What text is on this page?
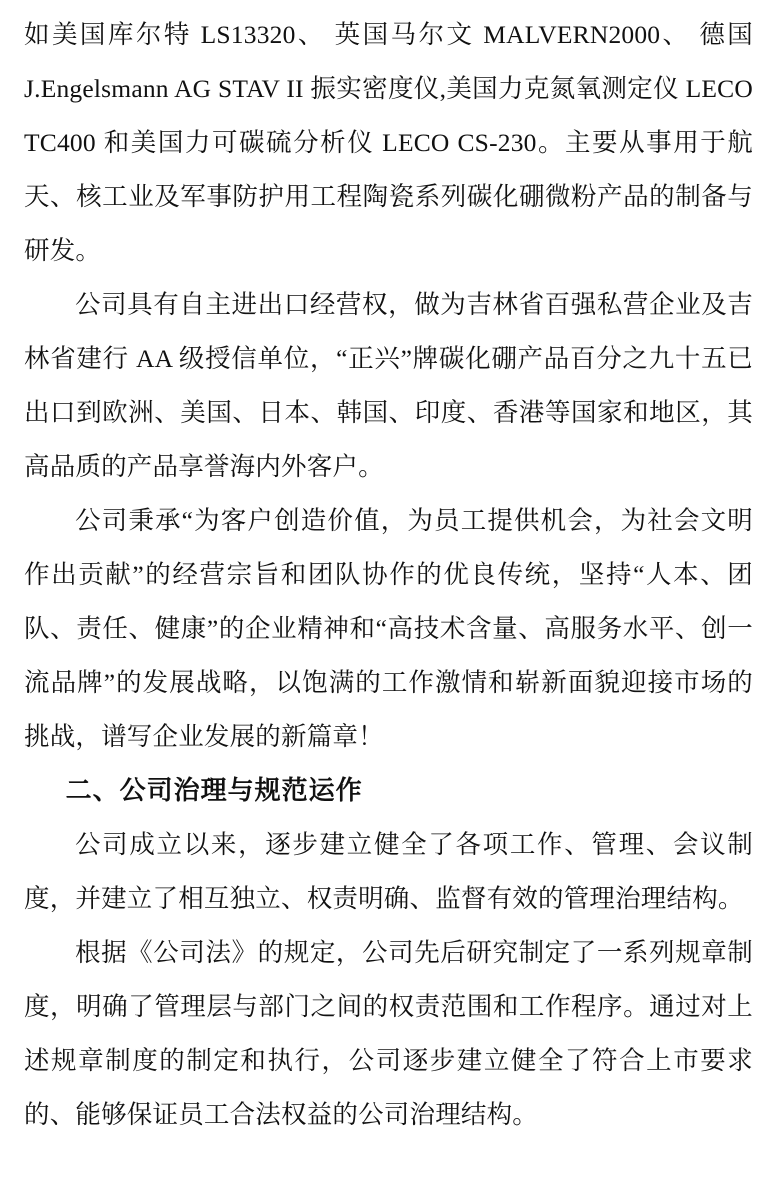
如美国库尔特 LS13320、 英国马尔文 MALVERN2000、 德国 J.Engelsmann AG STAV II 振实密度仪,美国力克氮氧测定仪 LECO TC400 和美国力可碳硫分析仪 LECO CS-230。主要从事用于航天、核工业及军事防护用工程陶瓷系列碳化硼微粉产品的制备与研发。

公司具有自主进出口经营权，做为吉林省百强私营企业及吉林省建行 AA 级授信单位，“正兴”牌碳化硼产品百分之九十五已出口到欧洲、美国、日本、韩国、印度、香港等国家和地区，其高品质的产品享誉海内外客户。

公司秉承“为客户创造价值，为员工提供机会，为社会文明作出贡献”的经营宗旨和团队协作的优良传统，坚持“人本、团队、责任、健康”的企业精神和“高技术含量、高服务水平、创一流品牌”的发展战略，以饱满的工作激情和崭新面貌迎接市场的挑战，谱写企业发展的新篇章！

二、公司治理与规范运作

公司成立以来，逐步建立健全了各项工作、管理、会议制度，并建立了相互独立、权责明确、监督有效的管理治理结构。

根据《公司法》的规定，公司先后研究制定了一系列规章制度，明确了管理层与部门之间的权责范围和工作程序。通过对上述规章制度的制定和执行，公司逐步建立健全了符合上市要求的、能够保证员工合法权益的公司治理结构。
